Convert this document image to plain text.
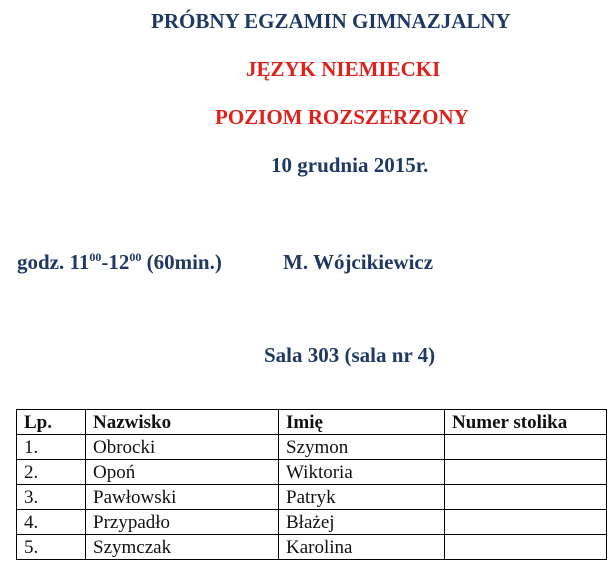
PRÓBNY EGZAMIN GIMNAZJALNY
JĘZYK NIEMIECKI
POZIOM ROZSZERZONY
10 grudnia 2015r.
godz. $11^{00}-12^{00}$ (60min.)	M. Wójcikiewicz
Sala 303 (sala nr 4)
Lp.	Nazwisko	Imię	Numer stolika
1.	Obrocki	Szymon	
2.	Opoń	Wiktoria	
3.	Pawłowski	Patryk	
4.	Przypadło	Błażej	
5.	Szymczak	Karolina	
